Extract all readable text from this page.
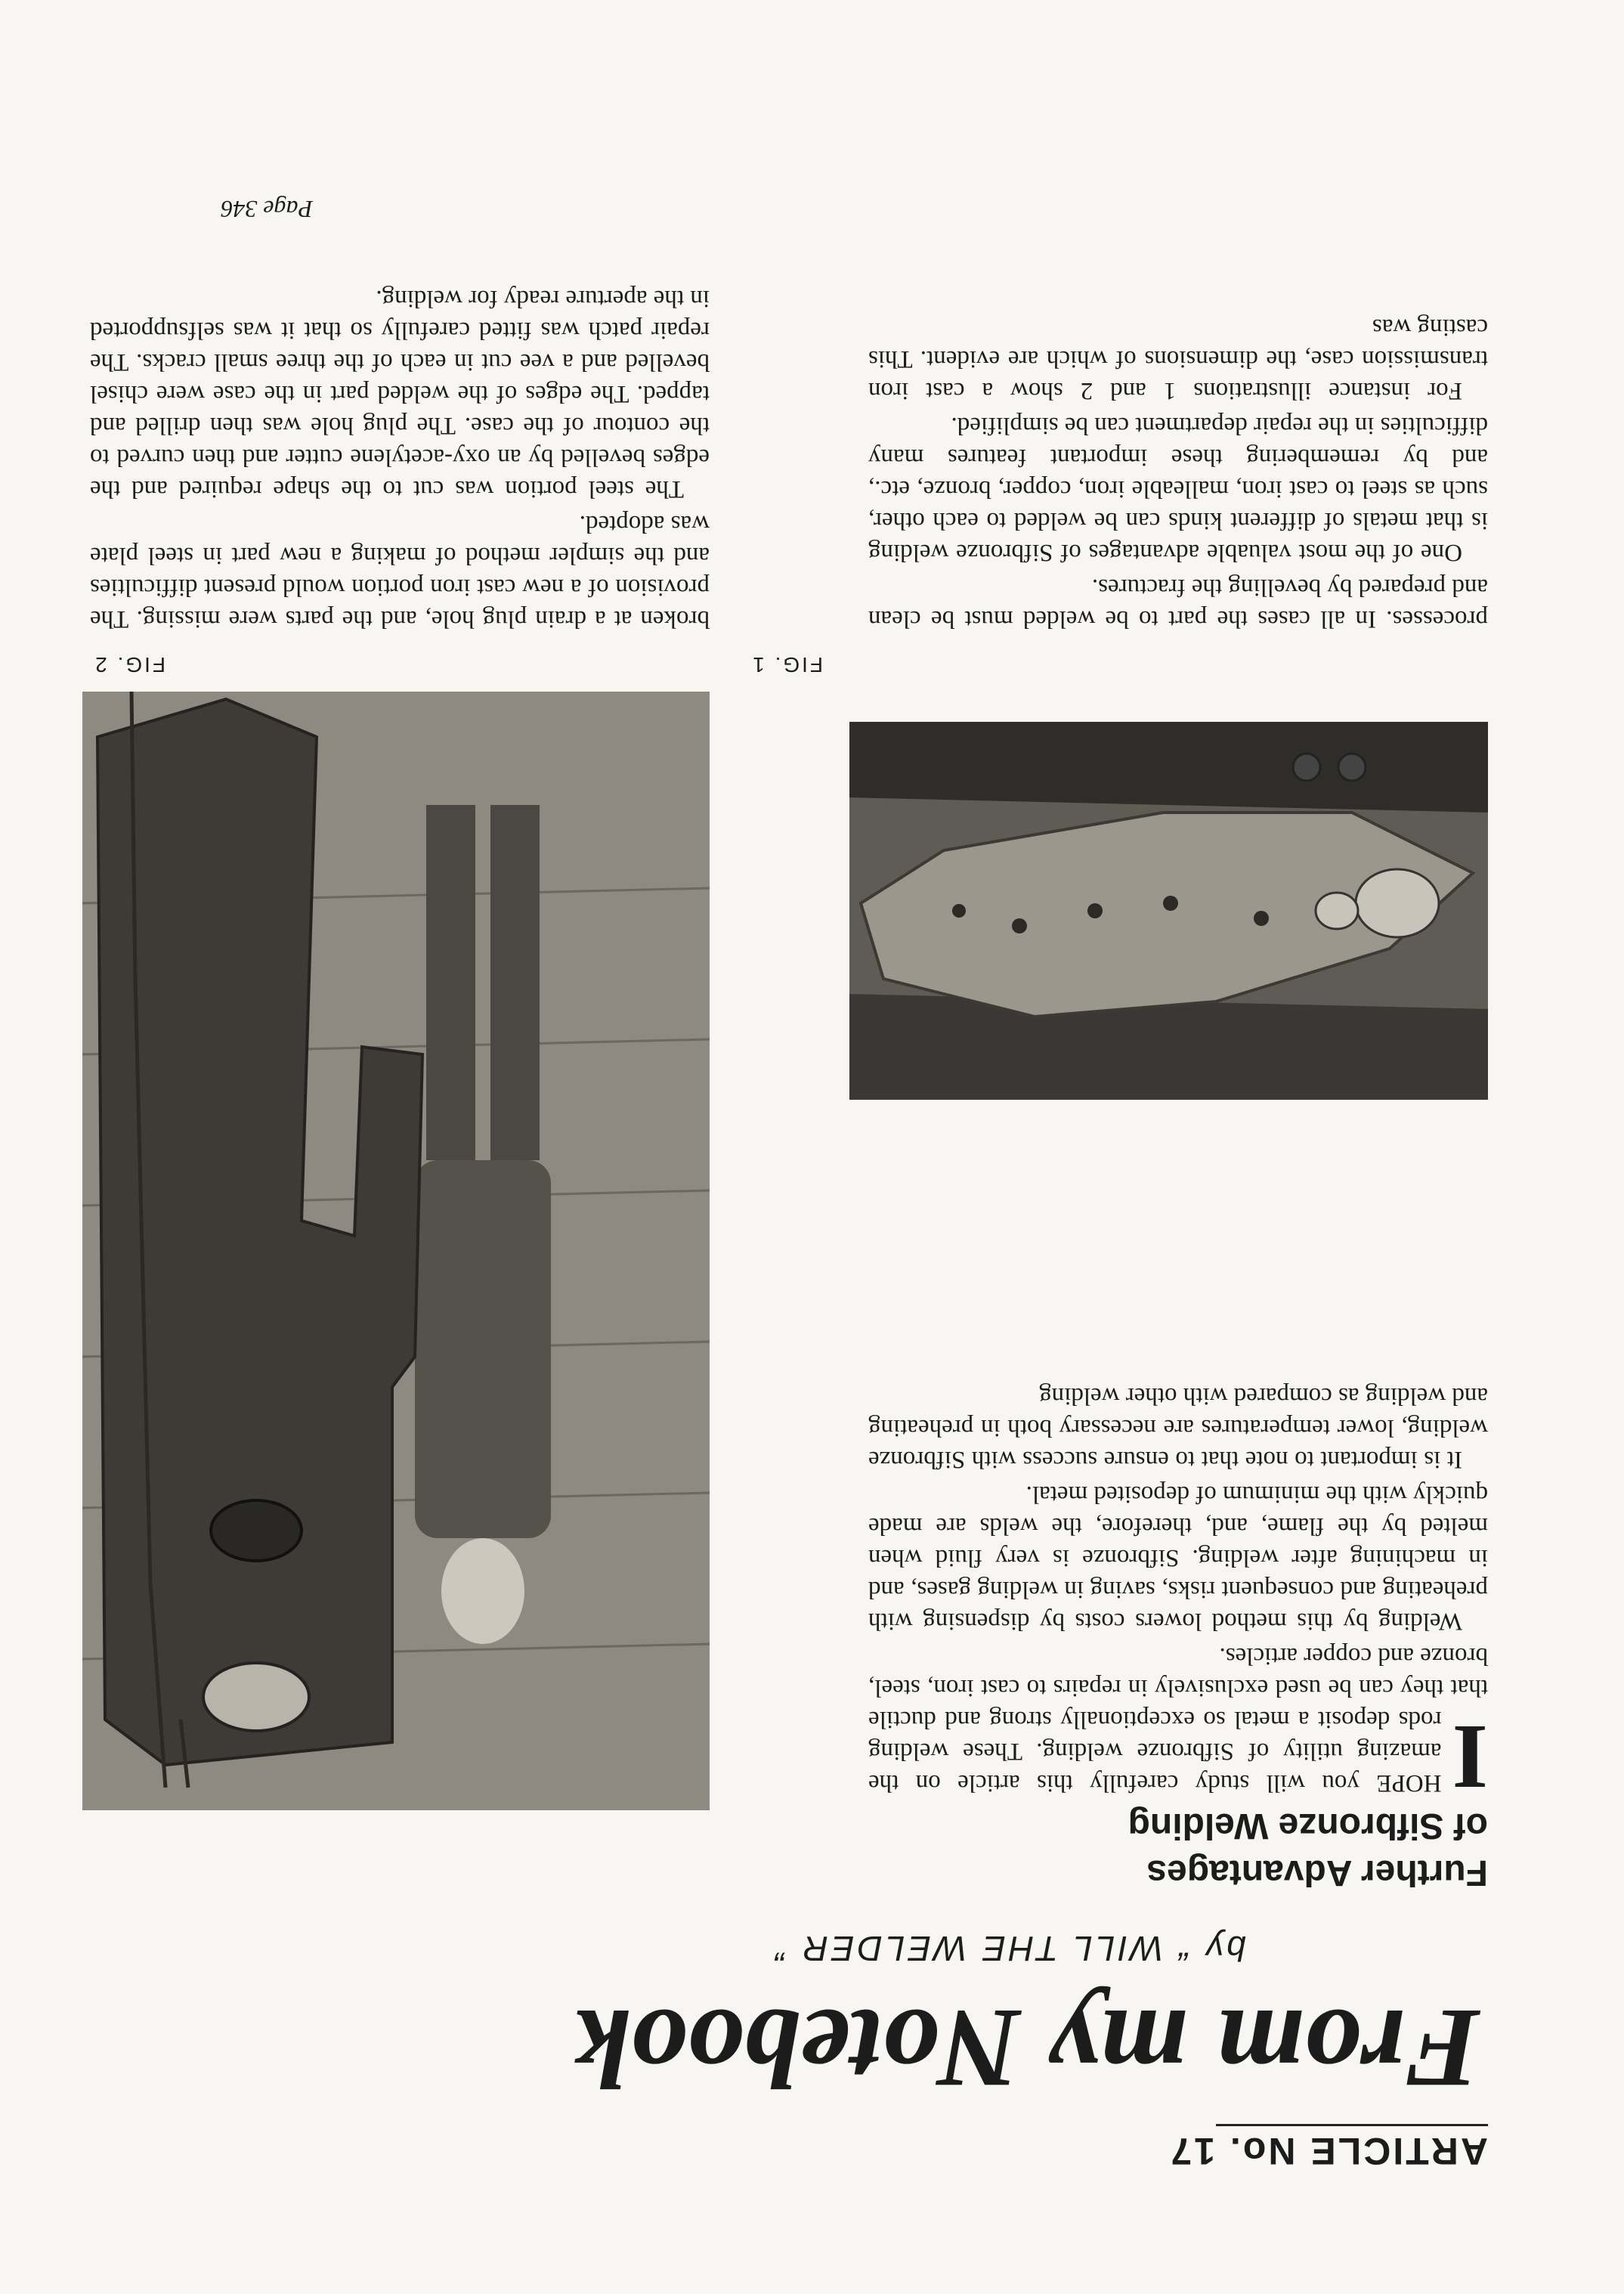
ARTICLE No. 17
From my Notebook
by “ WILL THE WELDER ”
Further Advantages
of Sifbronze Welding
FIG. 2

I
HOPE you will study carefully this article on the amazing utility of Sifbronze welding. These welding rods deposit a metal so exceptionally strong and ductile that they can be used exclusively in repairs to cast iron, steel, bronze and copper articles.

Welding by this method lowers costs by dispensing with preheating and consequent risks, saving in welding gases, and in machining after welding. Sifbronze is very fluid when melted by the flame, and, therefore, the welds are made quickly with the minimum of deposited metal.

It is important to note that to ensure success with Sifbronze welding, lower temperatures are necessary both in preheating and welding as compared with other welding

FIG. 1

processes. In all cases the part to be welded must be clean and prepared by bevelling the fractures.

One of the most valuable advantages of Sifbronze welding is that metals of different kinds can be welded to each other, such as steel to cast iron, malleable iron, copper, bronze, etc., and by remembering these important features many difficulties in the repair department can be simplified.

For instance illustrations 1 and 2 show a cast iron transmission case, the dimensions of which are evident. This casting was

broken at a drain plug hole, and the parts were missing. The provision of a new cast iron portion would present difficulties and the simpler method of making a new part in steel plate was adopted.

The steel portion was cut to the shape required and the edges bevelled by an oxy-acetylene cutter and then curved to the contour of the case. The plug hole was then drilled and tapped. The edges of the welded part in the case were chisel bevelled and a vee cut in each of the three small cracks. The repair patch was fitted carefully so that it was selfsupported in the aperture ready for welding.

Page 346
